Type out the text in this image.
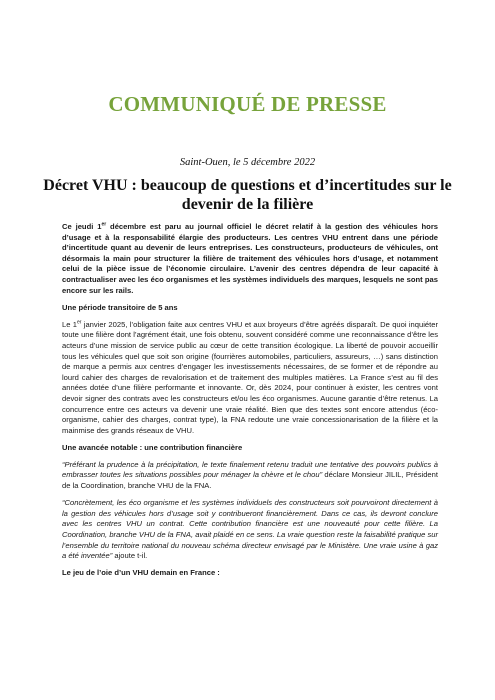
COMMUNIQUÉ DE PRESSE
Saint-Ouen, le 5 décembre 2022
Décret VHU : beaucoup de questions et d’incertitudes sur le devenir de la filière

Ce jeudi 1er décembre est paru au journal officiel le décret relatif à la gestion des véhicules hors d’usage et à la responsabilité élargie des producteurs. Les centres VHU entrent dans une période d’incertitude quant au devenir de leurs entreprises. Les constructeurs, producteurs de véhicules, ont désormais la main pour structurer la filière de traitement des véhicules hors d’usage, et notamment celui de la pièce issue de l’économie circulaire. L’avenir des centres dépendra de leur capacité à contractualiser avec les éco organismes et les systèmes individuels des marques, lesquels ne sont pas encore sur les rails.

Une période transitoire de 5 ans

Le 1er janvier 2025, l’obligation faite aux centres VHU et aux broyeurs d’être agréés disparaît. De quoi inquiéter toute une filière dont l’agrément était, une fois obtenu, souvent considéré comme une reconnaissance d’être les acteurs d’une mission de service public au cœur de cette transition écologique. La liberté de pouvoir accueillir tous les véhicules quel que soit son origine (fourrières automobiles, particuliers, assureurs, …) sans distinction de marque a permis aux centres d’engager les investissements nécessaires, de se former et de répondre au lourd cahier des charges de revalorisation et de traitement des multiples matières. La France s’est au fil des années dotée d’une filière performante et innovante. Or, dès 2024, pour continuer à exister, les centres vont devoir signer des contrats avec les constructeurs et/ou les éco organismes. Aucune garantie d’être retenus. La concurrence entre ces acteurs va devenir une vraie réalité. Bien que des textes sont encore attendus (éco-organisme, cahier des charges, contrat type), la FNA redoute une vraie concessionarisation de la filière et la mainmise des grands réseaux de VHU.

Une avancée notable : une contribution financière

“Préférant la prudence à la précipitation, le texte finalement retenu traduit une tentative des pouvoirs publics à embrasser toutes les situations possibles pour ménager la chèvre et le chou” déclare Monsieur JILIL, Président de la Coordination, branche VHU de la FNA.

“Concrètement, les éco organisme et les systèmes individuels des constructeurs soit pourvoiront directement à la gestion des véhicules hors d’usage soit y contribueront financièrement. Dans ce cas, ils devront conclure avec les centres VHU un contrat. Cette contribution financière est une nouveauté pour cette filière. La Coordination, branche VHU de la FNA, avait plaidé en ce sens. La vraie question reste la faisabilité pratique sur l’ensemble du territoire national du nouveau schéma directeur envisagé par le Ministère. Une vraie usine à gaz a été inventée” ajoute t-il.

Le jeu de l’oie d’un VHU demain en France :
